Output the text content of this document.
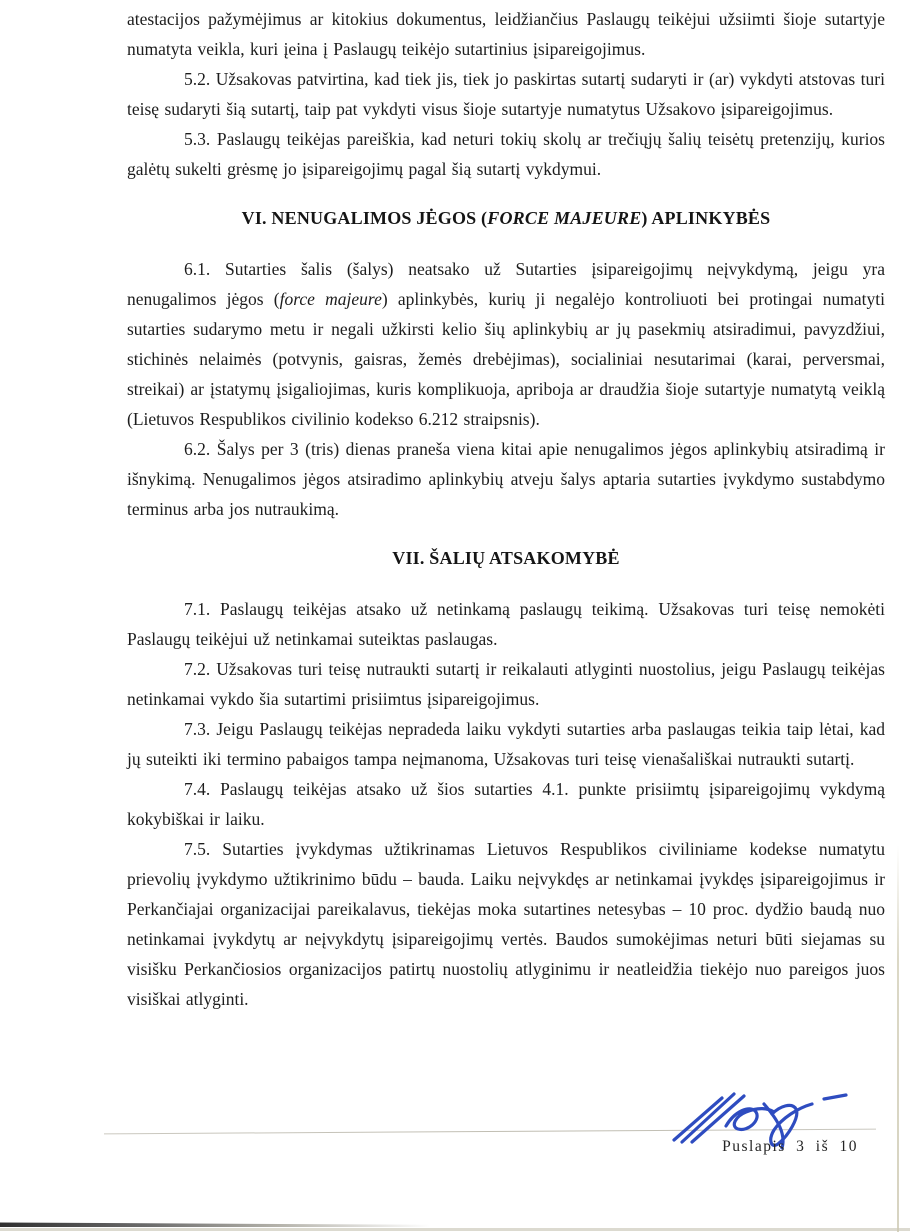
atestacijos pažymėjimus ar kitokius dokumentus, leidžiančius Paslaugų teikėjui užsiimti šioje sutartyje numatyta veikla, kuri įeina į Paslaugų teikėjo sutartinius įsipareigojimus.

5.2. Užsakovas patvirtina, kad tiek jis, tiek jo paskirtas sutartį sudaryti ir (ar) vykdyti atstovas turi teisę sudaryti šią sutartį, taip pat vykdyti visus šioje sutartyje numatytus Užsakovo įsipareigojimus.

5.3. Paslaugų teikėjas pareiškia, kad neturi tokių skolų ar trečiųjų šalių teisėtų pretenzijų, kurios galėtų sukelti grėsmę jo įsipareigojimų pagal šią sutartį vykdymui.

VI. NENUGALIMOS JĖGOS (FORCE MAJEURE) APLINKYBĖS

6.1. Sutarties šalis (šalys) neatsako už Sutarties įsipareigojimų neįvykdymą, jeigu yra nenugalimos jėgos (force majeure) aplinkybės, kurių ji negalėjo kontroliuoti bei protingai numatyti sutarties sudarymo metu ir negali užkirsti kelio šių aplinkybių ar jų pasekmių atsiradimui, pavyzdžiui, stichinės nelaimės (potvynis, gaisras, žemės drebėjimas), socialiniai nesutarimai (karai, perversmai, streikai) ar įstatymų įsigaliojimas, kuris komplikuoja, apriboja ar draudžia šioje sutartyje numatytą veiklą (Lietuvos Respublikos civilinio kodekso 6.212 straipsnis).

6.2. Šalys per 3 (tris) dienas praneša viena kitai apie nenugalimos jėgos aplinkybių atsiradimą ir išnykimą. Nenugalimos jėgos atsiradimo aplinkybių atveju šalys aptaria sutarties įvykdymo sustabdymo terminus arba jos nutraukimą.

VII. ŠALIŲ ATSAKOMYBĖ

7.1. Paslaugų teikėjas atsako už netinkamą paslaugų teikimą. Užsakovas turi teisę nemokėti Paslaugų teikėjui už netinkamai suteiktas paslaugas.

7.2. Užsakovas turi teisę nutraukti sutartį ir reikalauti atlyginti nuostolius, jeigu Paslaugų teikėjas netinkamai vykdo šia sutartimi prisiimtus įsipareigojimus.

7.3. Jeigu Paslaugų teikėjas nepradeda laiku vykdyti sutarties arba paslaugas teikia taip lėtai, kad jų suteikti iki termino pabaigos tampa neįmanoma, Užsakovas turi teisę vienašališkai nutraukti sutartį.

7.4. Paslaugų teikėjas atsako už šios sutarties 4.1. punkte prisiimtų įsipareigojimų vykdymą kokybiškai ir laiku.

7.5. Sutarties įvykdymas užtikrinamas Lietuvos Respublikos civiliniame kodekse numatytu prievolių įvykdymo užtikrinimo būdu – bauda. Laiku neįvykdęs ar netinkamai įvykdęs įsipareigojimus ir Perkančiajai organizacijai pareikalavus, tiekėjas moka sutartines netesybas – 10 proc. dydžio baudą nuo netinkamai įvykdytų ar neįvykdytų įsipareigojimų vertės. Baudos sumokėjimas neturi būti siejamas su visišku Perkančiosios organizacijos patirtų nuostolių atlyginimu ir neatleidžia tiekėjo nuo pareigos juos visiškai atlyginti.

Puslapis 3 iš 10
